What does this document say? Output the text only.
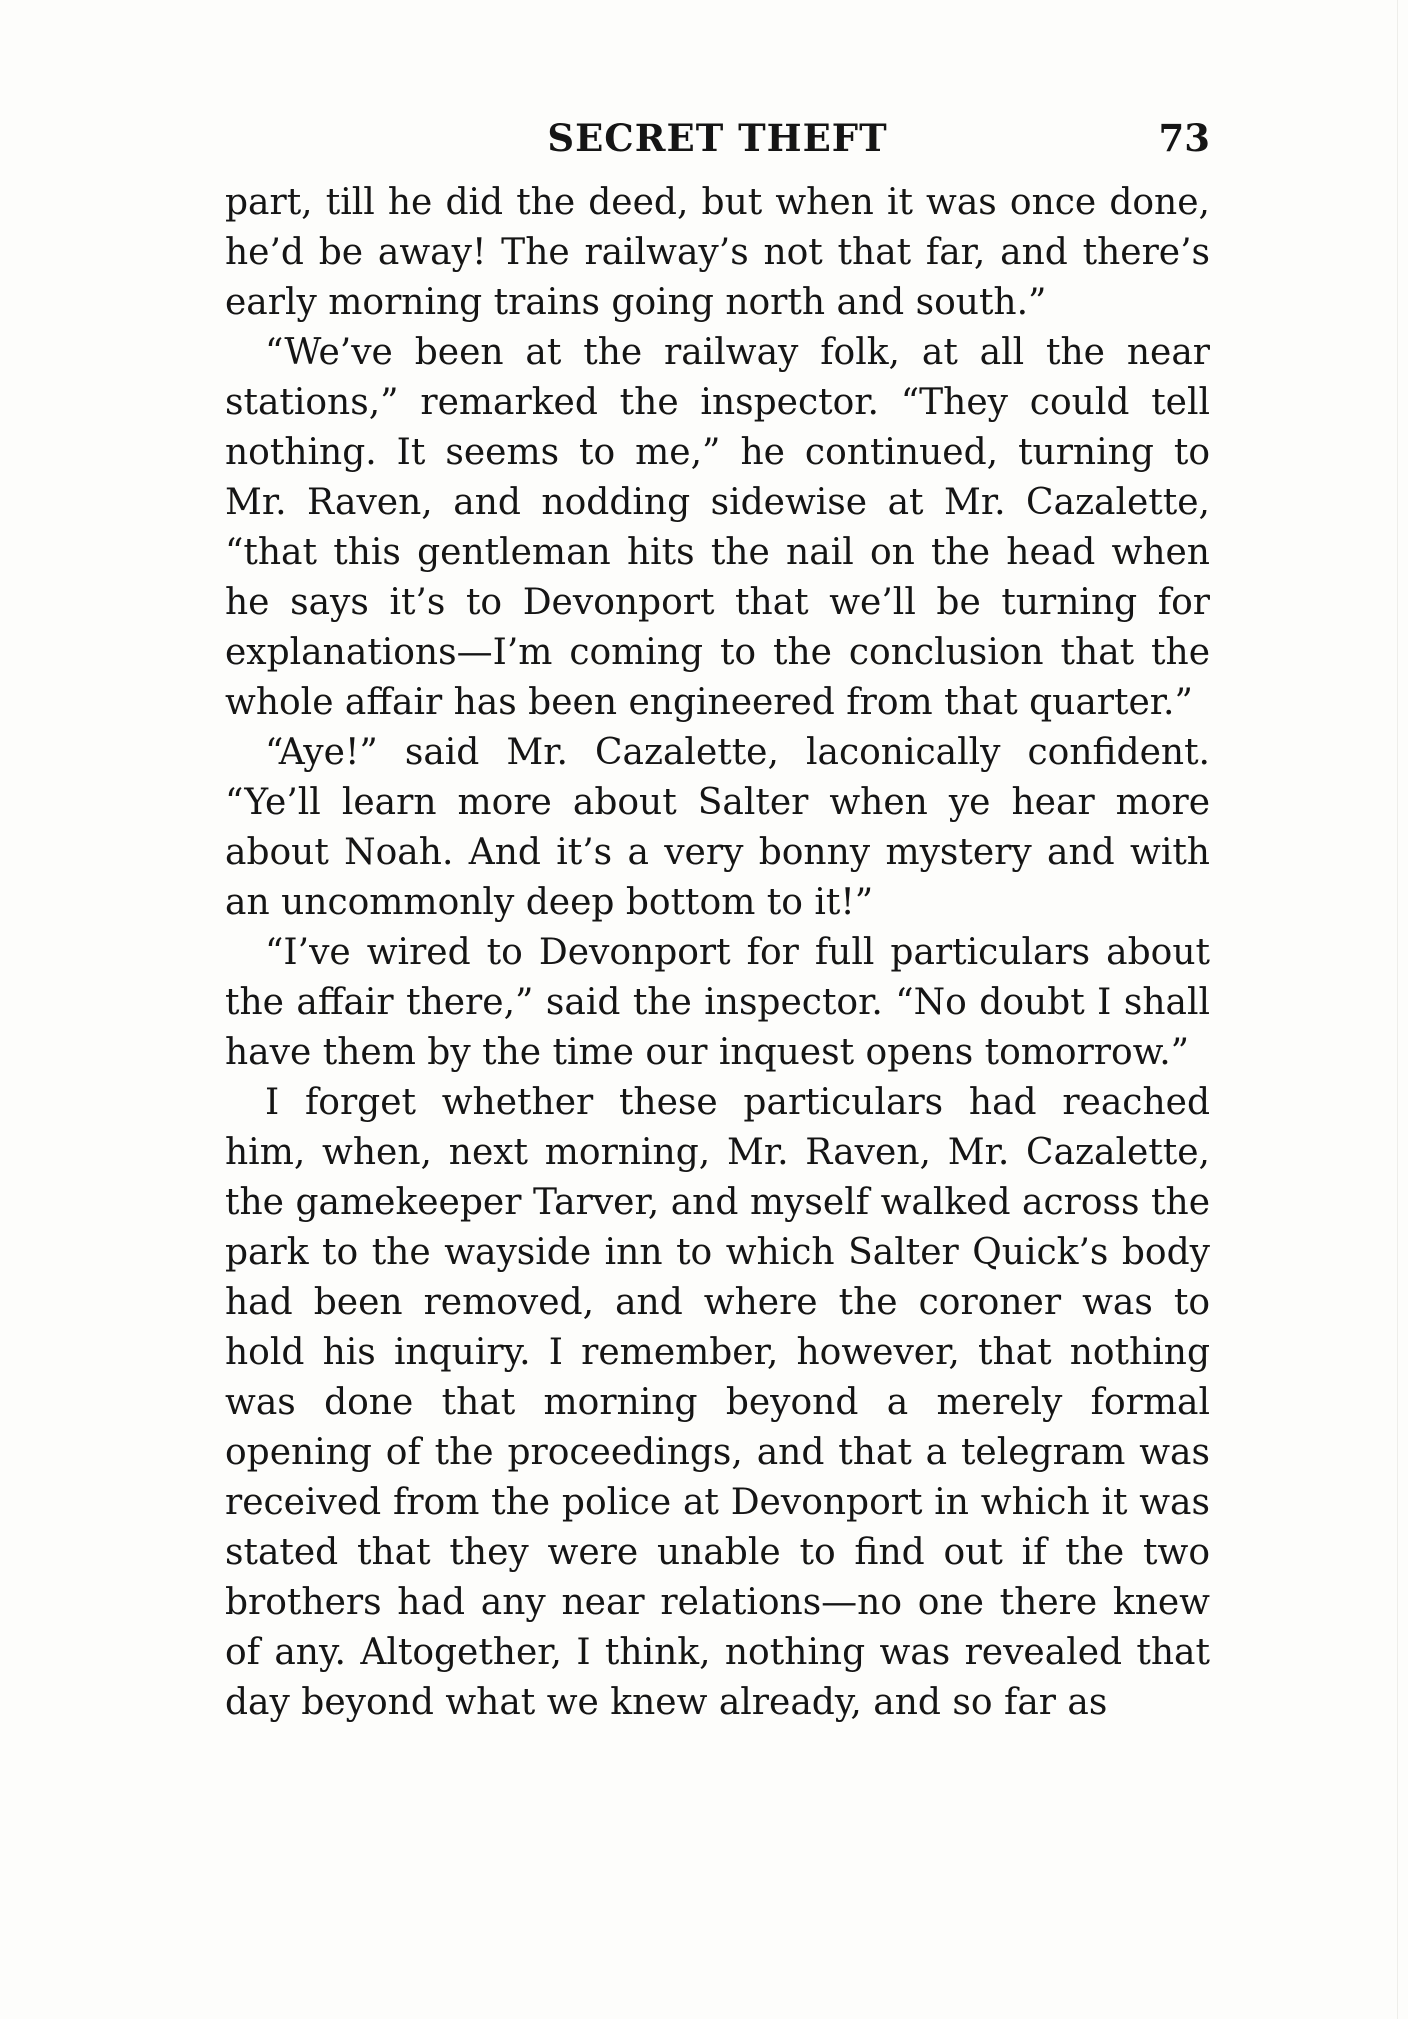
SECRET THEFT	73

part, till he did the deed, but when it was once done, he’d be away! The railway’s not that far, and there’s early morning trains going north and south.”

“We’ve been at the railway folk, at all the near stations,” remarked the inspector. “They could tell nothing. It seems to me,” he continued, turning to Mr. Raven, and nodding sidewise at Mr. Cazalette, “that this gentleman hits the nail on the head when he says it’s to Devonport that we’ll be turning for explanations—I’m coming to the conclusion that the whole affair has been engineered from that quarter.”

“Aye!” said Mr. Cazalette, laconically confident. “Ye’ll learn more about Salter when ye hear more about Noah. And it’s a very bonny mystery and with an uncommonly deep bottom to it!”

“I’ve wired to Devonport for full particulars about the affair there,” said the inspector. “No doubt I shall have them by the time our inquest opens tomorrow.”

I forget whether these particulars had reached him, when, next morning, Mr. Raven, Mr. Cazalette, the gamekeeper Tarver, and myself walked across the park to the wayside inn to which Salter Quick’s body had been removed, and where the coroner was to hold his inquiry. I remember, however, that nothing was done that morning beyond a merely formal opening of the proceedings, and that a telegram was received from the police at Devonport in which it was stated that they were unable to find out if the two brothers had any near relations—no one there knew of any. Altogether, I think, nothing was revealed that day beyond what we knew already, and so far as
